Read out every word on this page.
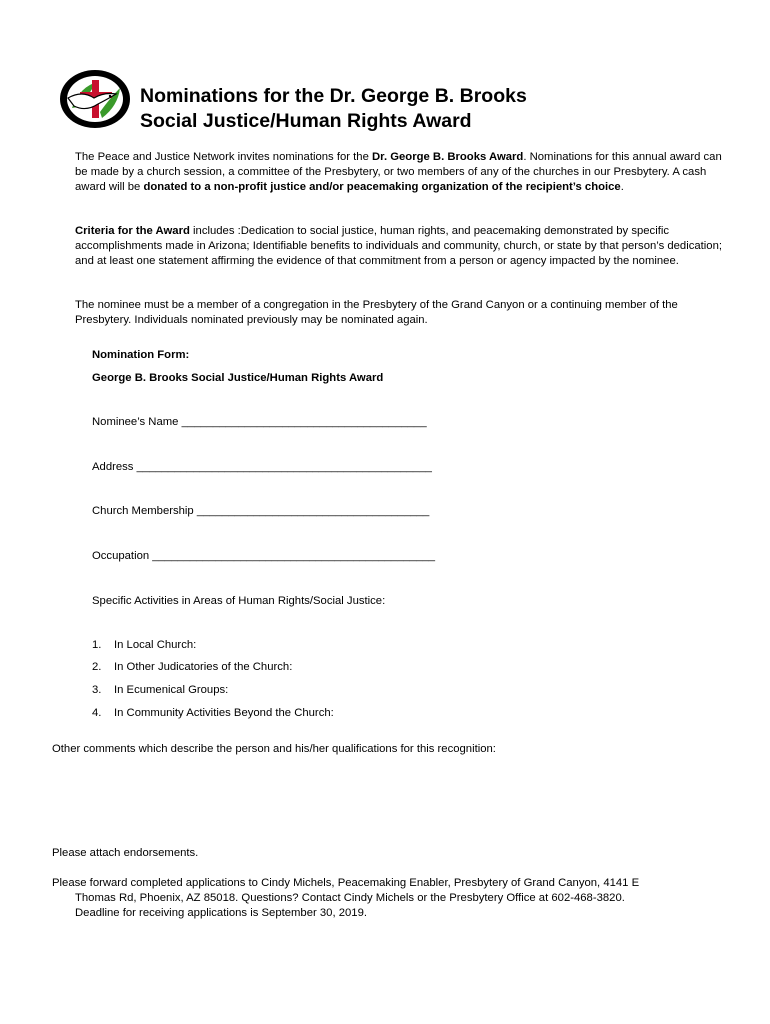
Nominations for the Dr. George B. Brooks
Social Justice/Human Rights Award
The Peace and Justice Network invites nominations for the Dr. George B. Brooks Award. Nominations for this annual award can be made by a church session, a committee of the Presbytery, or two members of any of the churches in our Presbytery. A cash award will be donated to a non-profit justice and/or peacemaking organization of the recipient’s choice.
Criteria for the Award includes :Dedication to social justice, human rights, and peacemaking demonstrated by specific accomplishments made in Arizona; Identifiable benefits to individuals and community, church, or state by that person’s dedication; and at least one statement affirming the evidence of that commitment from a person or agency impacted by the nominee.
The nominee must be a member of a congregation in the Presbytery of the Grand Canyon or a continuing member of the Presbytery. Individuals nominated previously may be nominated again.
Nomination Form:
George B. Brooks Social Justice/Human Rights Award
Nominee’s Name _______________________________________
Address _______________________________________________
Church Membership _____________________________________
Occupation _____________________________________________
Specific Activities in Areas of Human Rights/Social Justice:
1. In Local Church:
2. In Other Judicatories of the Church:
3. In Ecumenical Groups:
4. In Community Activities Beyond the Church:
Other comments which describe the person and his/her qualifications for this recognition:
Please attach endorsements.
Please forward completed applications to Cindy Michels, Peacemaking Enabler, Presbytery of Grand Canyon, 4141 E
Thomas Rd, Phoenix, AZ 85018. Questions? Contact Cindy Michels or the Presbytery Office at 602-468-3820.
Deadline for receiving applications is September 30, 2019.
